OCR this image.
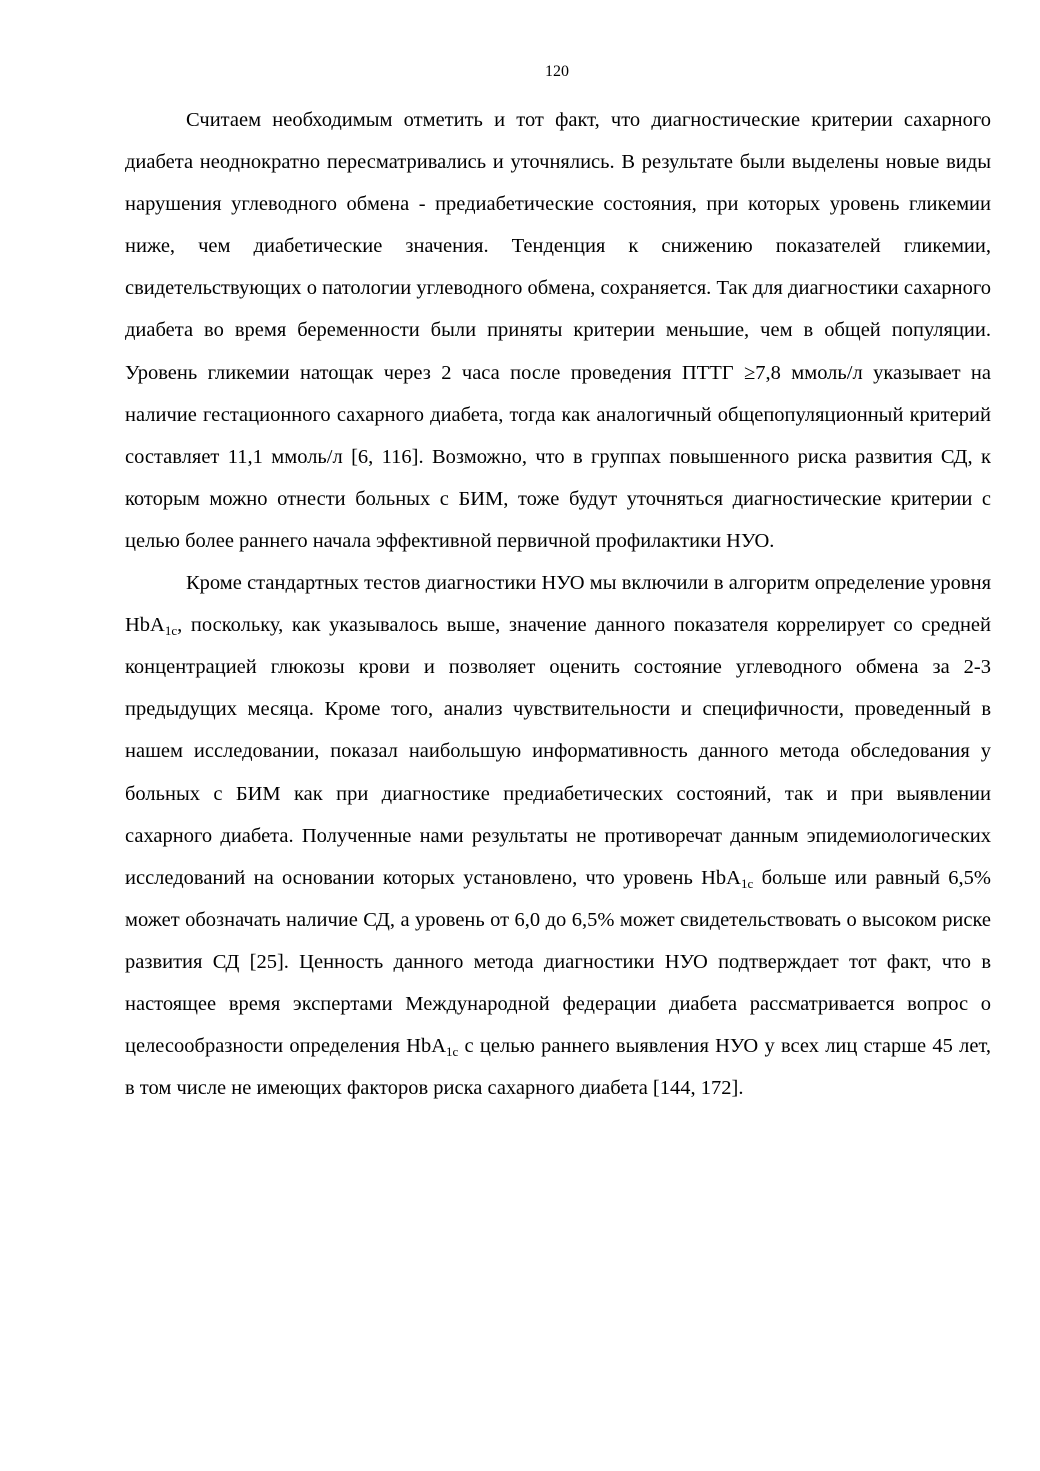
120

Считаем необходимым отметить и тот факт, что диагностические критерии сахарного диабета неоднократно пересматривались и уточнялись. В результате были выделены новые виды нарушения углеводного обмена - предиабетические состояния, при которых уровень гликемии ниже, чем диабетические значения. Тенденция к снижению показателей гликемии, свидетельствующих о патологии углеводного обмена, сохраняется. Так для диагностики сахарного диабета во время беременности были приняты критерии меньшие, чем в общей популяции. Уровень гликемии натощак через 2 часа после проведения ПТТГ ≥7,8 ммоль/л указывает на наличие гестационного сахарного диабета, тогда как аналогичный общепопуляционный критерий составляет 11,1 ммоль/л [6, 116]. Возможно, что в группах повышенного риска развития СД, к которым можно отнести больных с БИМ, тоже будут уточняться диагностические критерии с целью более раннего начала эффективной первичной профилактики НУО.

Кроме стандартных тестов диагностики НУО мы включили в алгоритм определение уровня HbA$_{1c}$, поскольку, как указывалось выше, значение данного показателя коррелирует со средней концентрацией глюкозы крови и позволяет оценить состояние углеводного обмена за 2-3 предыдущих месяца. Кроме того, анализ чувствительности и специфичности, проведенный в нашем исследовании, показал наибольшую информативность данного метода обследования у больных с БИМ как при диагностике предиабетических состояний, так и при выявлении сахарного диабета. Полученные нами результаты не противоречат данным эпидемиологических исследований на основании которых установлено, что уровень HbA$_{1c}$ больше или равный 6,5% может обозначать наличие СД, а уровень от 6,0 до 6,5% может свидетельствовать о высоком риске развития СД [25]. Ценность данного метода диагностики НУО подтверждает тот факт, что в настоящее время экспертами Международной федерации диабета рассматривается вопрос о целесообразности определения HbA$_{1c}$ с целью раннего выявления НУО у всех лиц старше 45 лет, в том числе не имеющих факторов риска сахарного диабета [144, 172].
